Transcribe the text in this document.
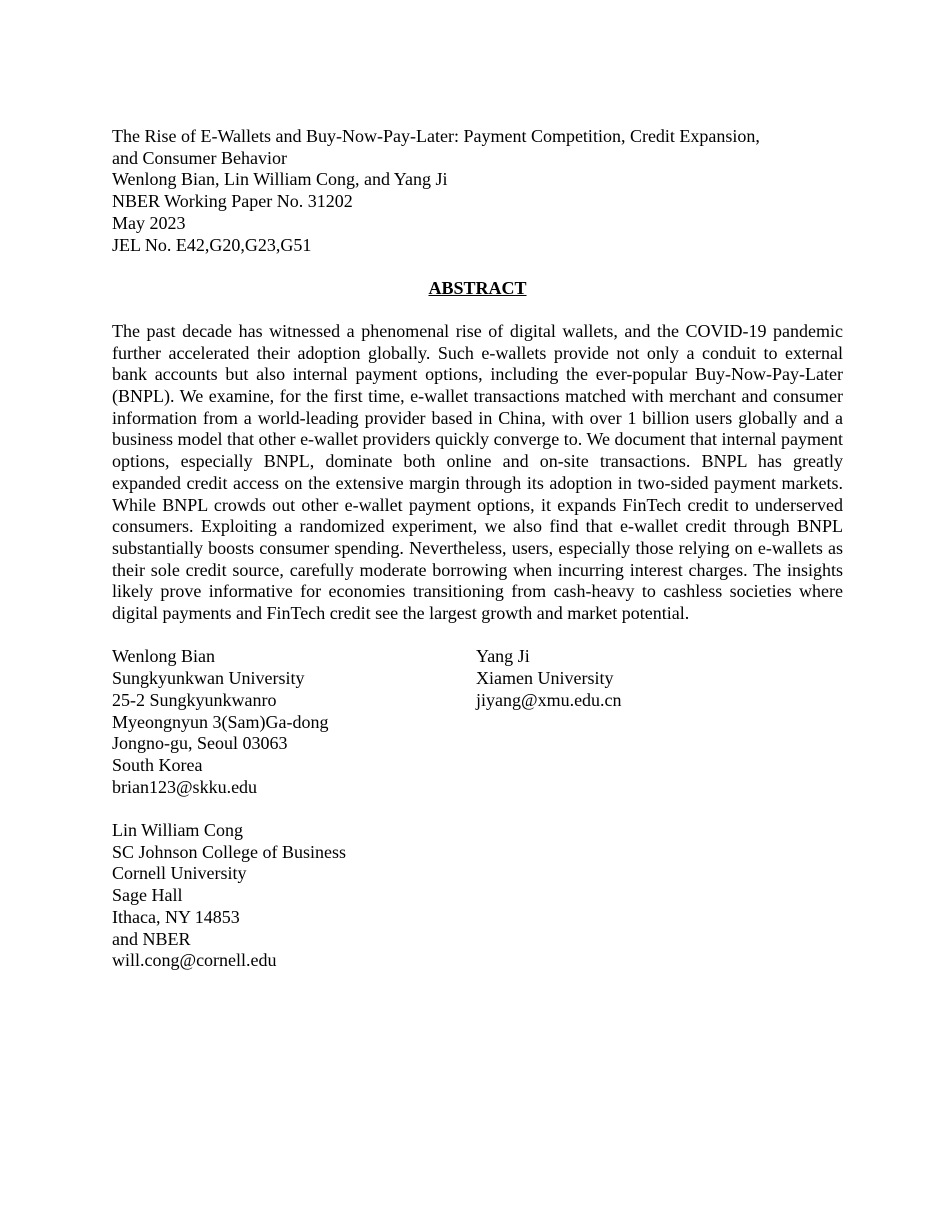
The Rise of E-Wallets and Buy-Now-Pay-Later: Payment Competition, Credit Expansion,
and Consumer Behavior
Wenlong Bian, Lin William Cong, and Yang Ji
NBER Working Paper No. 31202
May 2023
JEL No. E42,G20,G23,G51
ABSTRACT

The past decade has witnessed a phenomenal rise of digital wallets, and the COVID-19 pandemic further accelerated their adoption globally. Such e-wallets provide not only a conduit to external bank accounts but also internal payment options, including the ever-popular Buy-Now-Pay-Later (BNPL). We examine, for the first time, e-wallet transactions matched with merchant and consumer information from a world-leading provider based in China, with over 1 billion users globally and a business model that other e-wallet providers quickly converge to. We document that internal payment options, especially BNPL, dominate both online and on-site transactions. BNPL has greatly expanded credit access on the extensive margin through its adoption in two-sided payment markets. While BNPL crowds out other e-wallet payment options, it expands FinTech credit to underserved consumers. Exploiting a randomized experiment, we also find that e-wallet credit through BNPL substantially boosts consumer spending. Nevertheless, users, especially those relying on e-wallets as their sole credit source, carefully moderate borrowing when incurring interest charges. The insights likely prove informative for economies transitioning from cash-heavy to cashless societies where digital payments and FinTech credit see the largest growth and market potential.

Wenlong Bian
Sungkyunkwan University
25-2 Sungkyunkwanro
Myeongnyun 3(Sam)Ga-dong
Jongno-gu, Seoul 03063
South Korea
brian123@skku.edu
Lin William Cong
SC Johnson College of Business
Cornell University
Sage Hall
Ithaca, NY 14853
and NBER
will.cong@cornell.edu
Yang Ji
Xiamen University
jiyang@xmu.edu.cn
